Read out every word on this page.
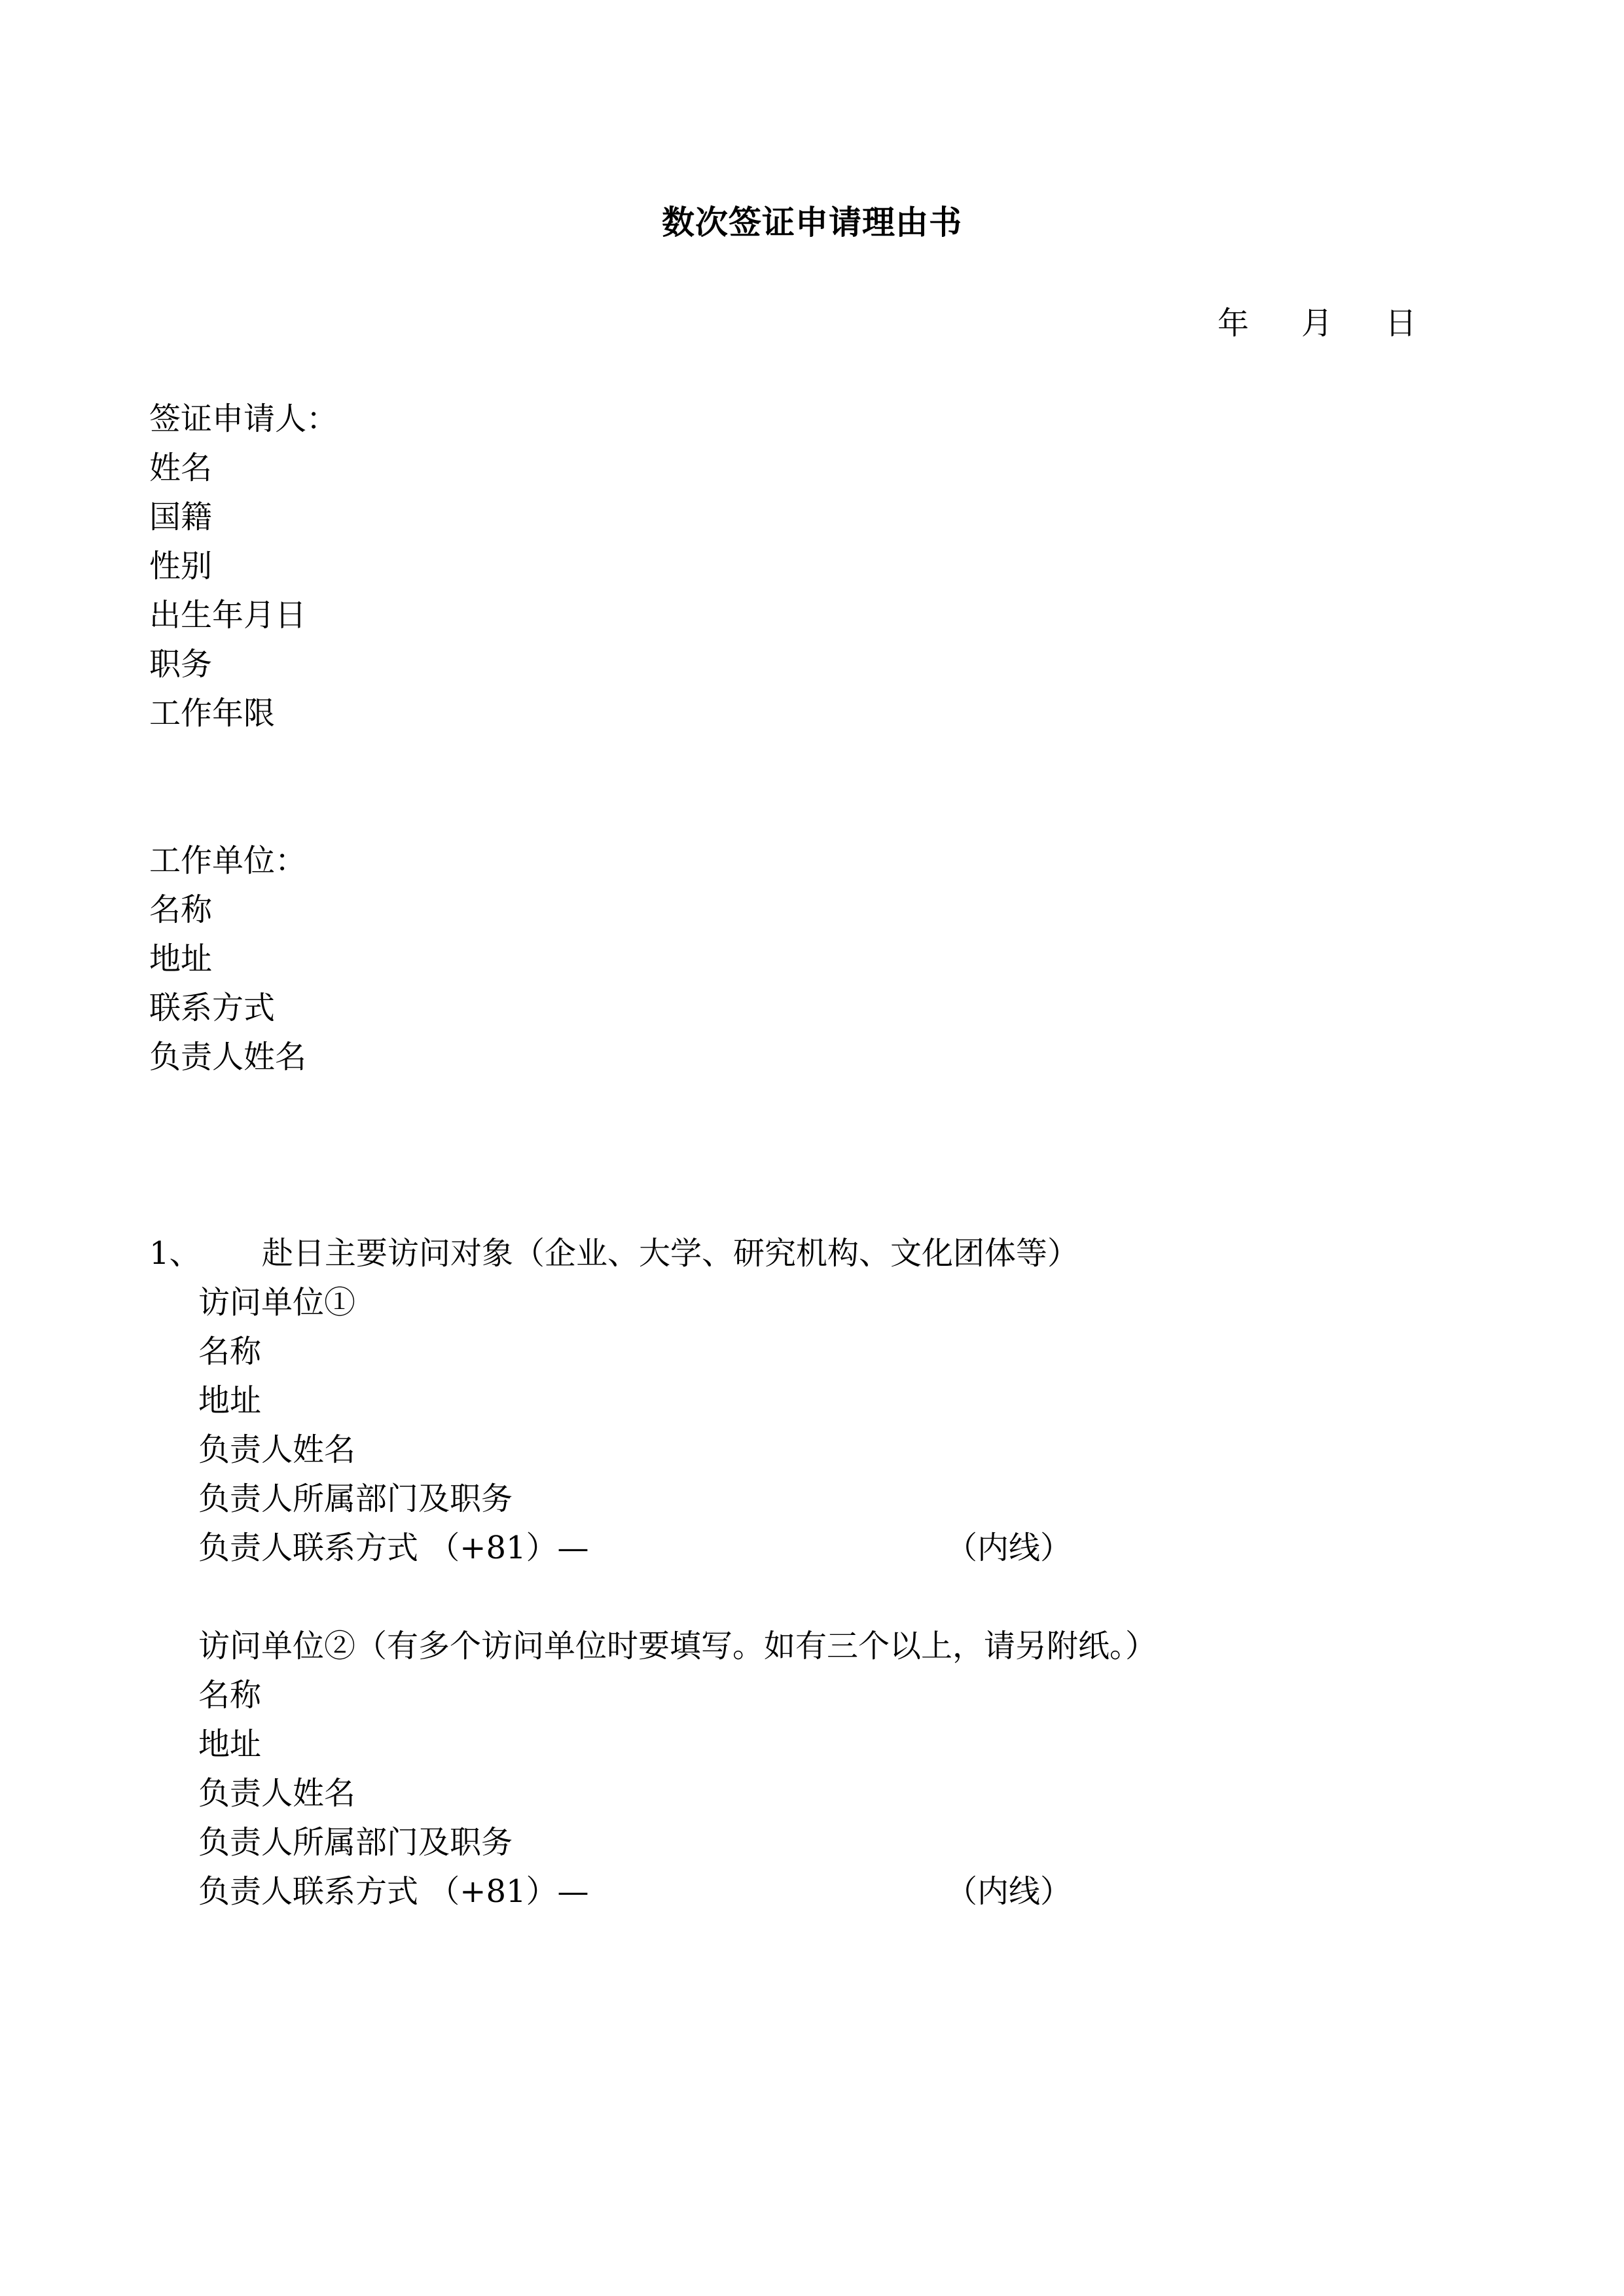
数次签证申请理由书
年 月 日
签证申请人：
姓名
国籍
性别
出生年月日
职务
工作年限
工作单位：
名称
地址
联系方式
负责人姓名
1、 赴日主要访问对象（企业、大学、研究机构、文化团体等）
访问单位①
名称
地址
负责人姓名
负责人所属部门及职务
负责人联系方式 （+81）—	（内线）
访问单位②（有多个访问单位时要填写。如有三个以上，请另附纸。）
名称
地址
负责人姓名
负责人所属部门及职务
负责人联系方式 （+81）—	（内线）
